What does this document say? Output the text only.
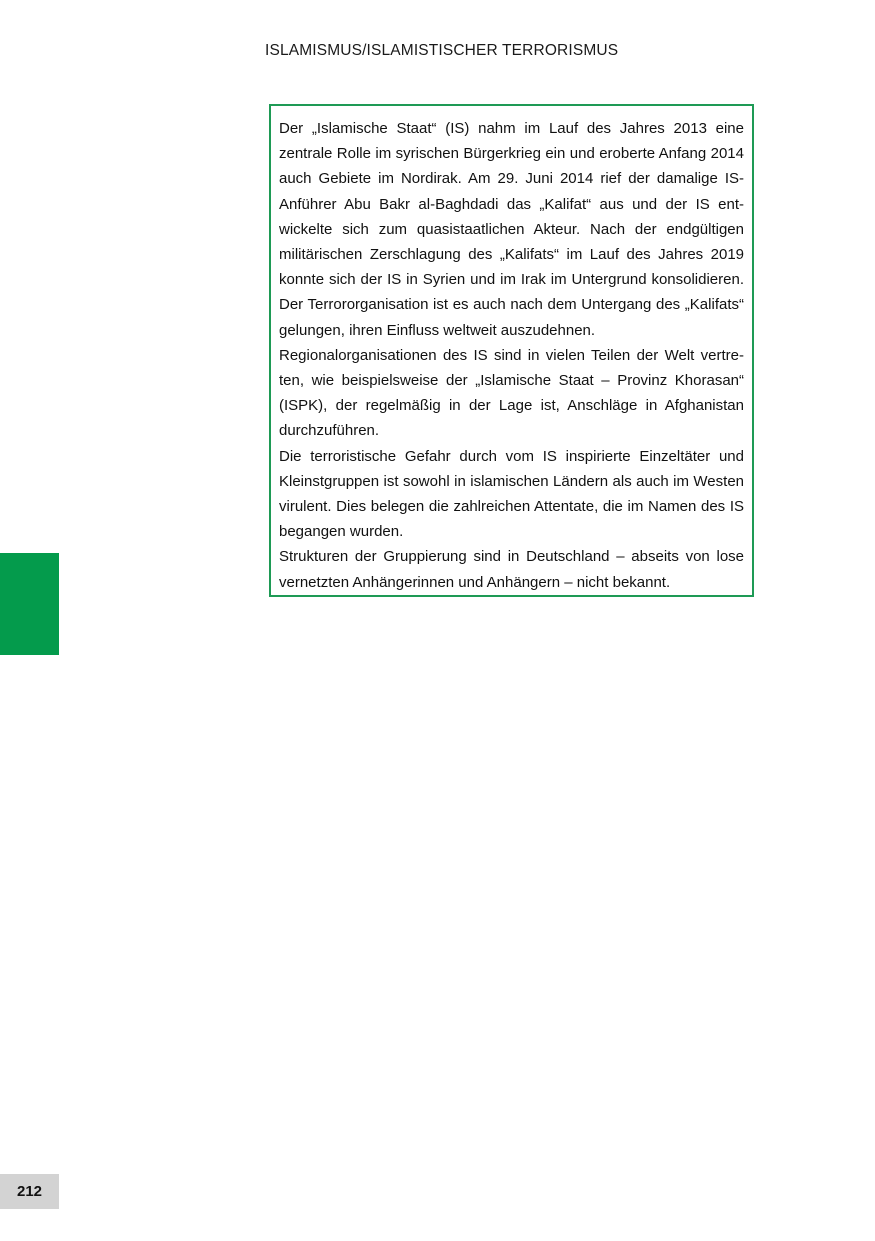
ISLAMISMUS/ISLAMISTISCHER TERRORISMUS

Der „Islamische Staat“ (IS) nahm im Lauf des Jahres 2013 eine zentrale Rolle im syrischen Bürgerkrieg ein und eroberte Anfang 2014 auch Gebiete im Nordirak. Am 29. Juni 2014 rief der damalige IS-Anführer Abu Bakr al-Baghdadi das „Kalifat“ aus und der IS entwickelte sich zum quasistaatlichen Akteur. Nach der endgültigen militärischen Zerschlagung des „Kalifats“ im Lauf des Jahres 2019 konnte sich der IS in Syrien und im Irak im Untergrund konsolidieren. Der Terrororganisation ist es auch nach dem Untergang des „Kalifats“ gelungen, ihren Einfluss weltweit auszudehnen.

Regionalorganisationen des IS sind in vielen Teilen der Welt vertreten, wie beispielsweise der „Islamische Staat – Provinz Khorasan“ (ISPK), der regelmäßig in der Lage ist, Anschläge in Afghanistan durchzuführen.

Die terroristische Gefahr durch vom IS inspirierte Einzeltäter und Kleinstgruppen ist sowohl in islamischen Ländern als auch im Westen virulent. Dies belegen die zahlreichen Attentate, die im Namen des IS begangen wurden.

Strukturen der Gruppierung sind in Deutschland – abseits von lose vernetzten Anhängerinnen und Anhängern – nicht bekannt.

212
